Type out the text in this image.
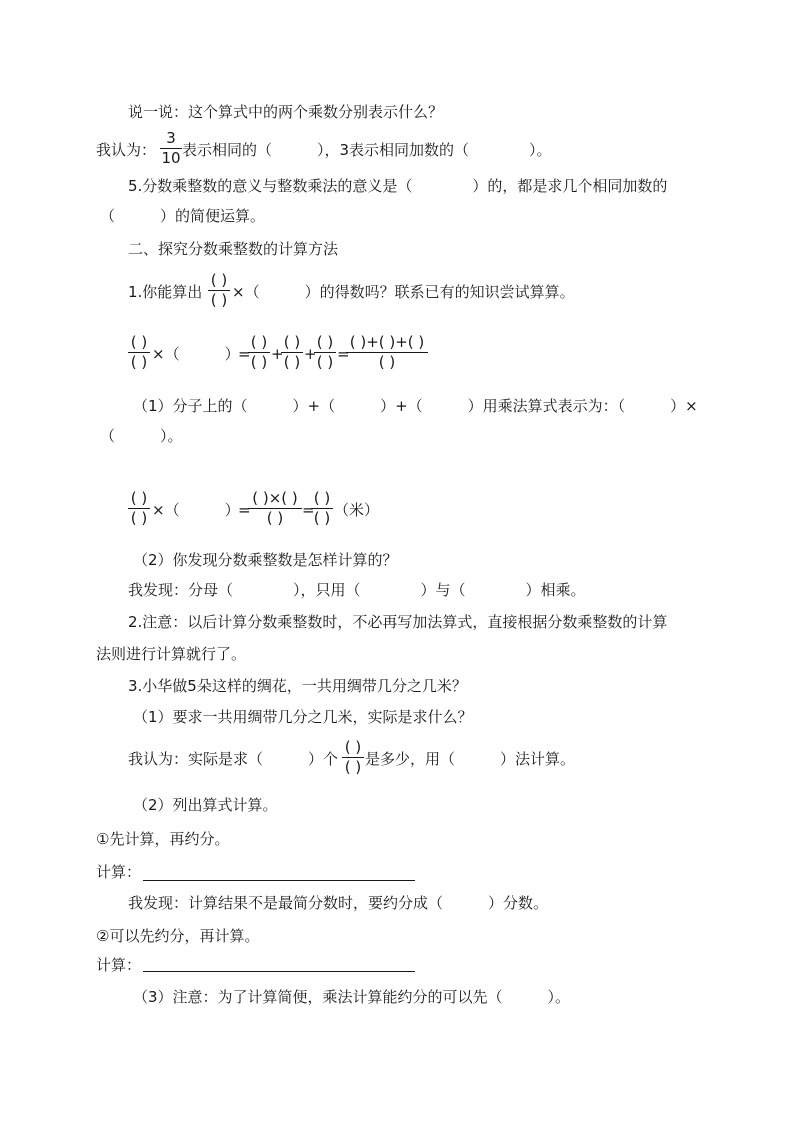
说一说：这个算式中的两个乘数分别表示什么？
我认为：
3
10 表示相同的（　　　），3表示相同加数的（　　　　）。
5.分数乘整数的意义与整数乘法的意义是（　　　　）的，都是求几个相同加数的
（　　　）的简便运算。
二、探究分数乘整数的计算方法
1.你能算出
( )
( ) ×（　　　）的得数吗？联系已有的知识尝试算算。
( )
( ) ×（　　　）
=
( )
( ) +
( )
( ) +
( )
( ) =
( )+( )+( )
( )
（1）分子上的（　　　）+（　　　）+（　　　）用乘法算式表示为：（　　　）×
（　　　）。
( )
( ) ×（　　　）
=
( )×( )
( )	=
( )
( ) （米）
（2）你发现分数乘整数是怎样计算的？
我发现：分母（　　　　），只用（　　　　）与（　　　　）相乘。
2.注意：以后计算分数乘整数时，不必再写加法算式，直接根据分数乘整数的计算
法则进行计算就行了。
3.小华做5朵这样的绸花，一共用绸带几分之几米？
（1）要求一共用绸带几分之几米，实际是求什么？
我认为：实际是求（　　　）个
( )
( ) 是多少，用（　　　）法计算。
（2）列出算式计算。
①先计算，再约分。
计算：
我发现：计算结果不是最简分数时，要约分成（　　　）分数。
②可以先约分，再计算。
计算：
（3）注意：为了计算简便，乘法计算能约分的可以先（　　　）。
